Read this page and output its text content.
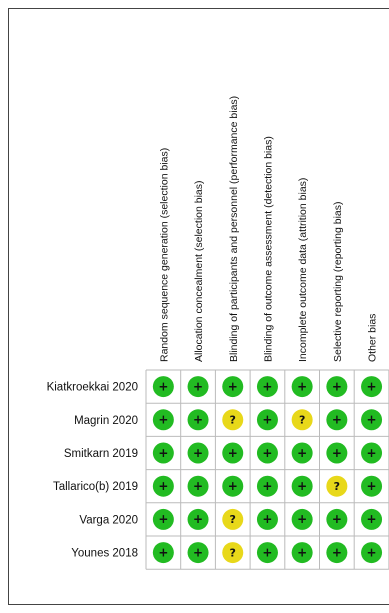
Random sequence generation (selection bias) Allocation concealment (selection bias) Blinding of participants and personnel (performance bias) Blinding of outcome assessment (detection bias) Incomplete outcome data (attrition bias) Selective reporting (reporting bias) Other bias
Kiatkroekkai 2020
Magrin 2020
Smitkarn 2019
Tallarico(b) 2019
Varga 2020
Younes 2018
+ + + + + + +
+ + ? + ? + +
+ + + + + + +
+ + + + + ? +
+ + ? + + + +
+ + ? + + + +
